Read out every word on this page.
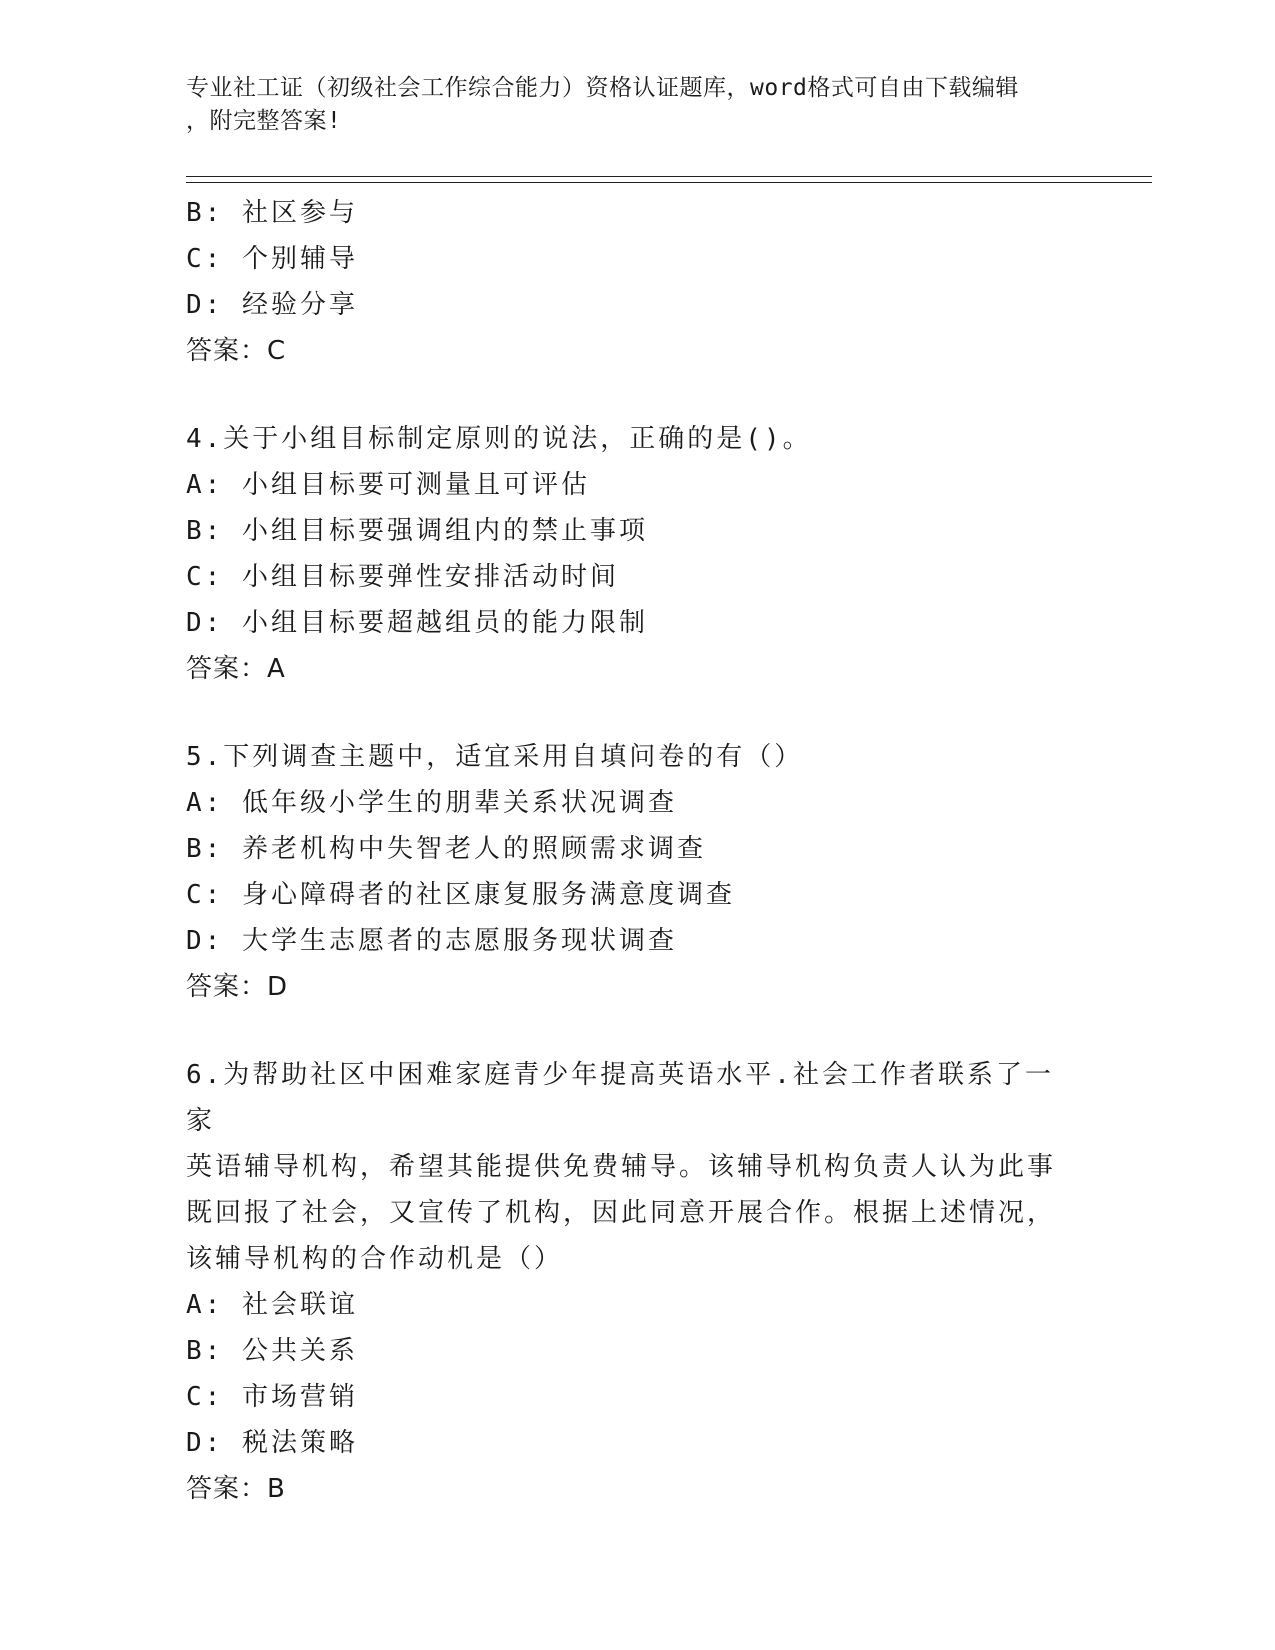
专业社工证（初级社会工作综合能力）资格认证题库，word格式可自由下载编辑
，附完整答案!
B: 社区参与
C: 个别辅导
D: 经验分享
答案：C
4.关于小组目标制定原则的说法，正确的是()。
A: 小组目标要可测量且可评估
B: 小组目标要强调组内的禁止事项
C: 小组目标要弹性安排活动时间
D: 小组目标要超越组员的能力限制
答案：A
5.下列调查主题中，适宜采用自填问卷的有（）
A: 低年级小学生的朋辈关系状况调查
B: 养老机构中失智老人的照顾需求调查
C: 身心障碍者的社区康复服务满意度调查
D: 大学生志愿者的志愿服务现状调查
答案：D
6.为帮助社区中困难家庭青少年提高英语水平.社会工作者联系了一家
英语辅导机构，希望其能提供免费辅导。该辅导机构负责人认为此事
既回报了社会，又宣传了机构，因此同意开展合作。根据上述情况，
该辅导机构的合作动机是（）
A: 社会联谊
B: 公共关系
C: 市场营销
D: 税法策略
答案：B
